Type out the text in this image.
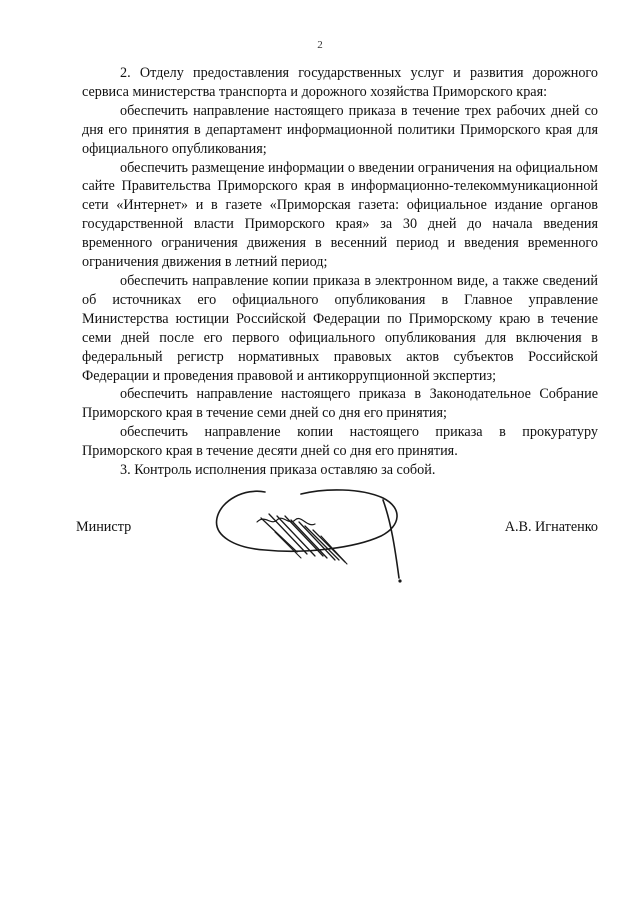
2

2. Отделу предоставления государственных услуг и развития дорожного сервиса министерства транспорта и дорожного хозяйства Приморского края:

обеспечить направление настоящего приказа в течение трех рабочих дней со дня его принятия в департамент информационной политики Приморского края для официального опубликования;

обеспечить размещение информации о введении ограничения на официальном сайте Правительства Приморского края в информационно-телекоммуникационной сети «Интернет» и в газете «Приморская газета: официальное издание органов государственной власти Приморского края» за 30 дней до начала введения временного ограничения движения в весенний период и введения временного ограничения движения в летний период;

обеспечить направление копии приказа в электронном виде, а также сведений об источниках его официального опубликования в Главное управление Министерства юстиции Российской Федерации по Приморскому краю в течение семи дней после его первого официального опубликования для включения в федеральный регистр нормативных правовых актов субъектов Российской Федерации и проведения правовой и антикоррупционной экспертиз;

обеспечить направление настоящего приказа в Законодательное Собрание Приморского края в течение семи дней со дня его принятия;

обеспечить направление копии настоящего приказа в прокуратуру Приморского края в течение десяти дней со дня его принятия.

3. Контроль исполнения приказа оставляю за собой.

Министр	А.В. Игнатенко
